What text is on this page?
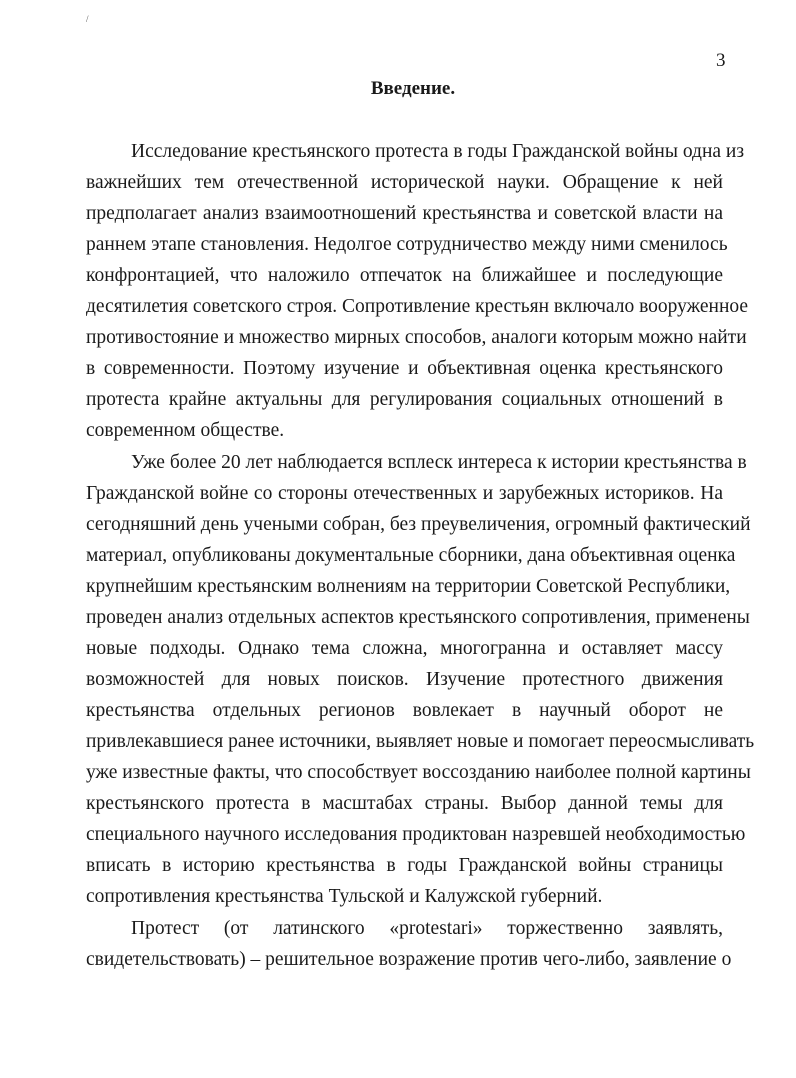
/
3
Введение.
Исследование крестьянского протеста в годы Гражданской войны одна из
важнейших тем отечественной исторической науки. Обращение к ней
предполагает анализ взаимоотношений крестьянства и советской власти на
раннем этапе становления. Недолгое сотрудничество между ними сменилось
конфронтацией, что наложило отпечаток на ближайшее и последующие
десятилетия советского строя. Сопротивление крестьян включало вооруженное
противостояние и множество мирных способов, аналоги которым можно найти
в современности. Поэтому изучение и объективная оценка крестьянского
протеста крайне актуальны для регулирования социальных отношений в
современном обществе.
Уже более 20 лет наблюдается всплеск интереса к истории крестьянства в
Гражданской войне со стороны отечественных и зарубежных историков. На
сегодняшний день учеными собран, без преувеличения, огромный фактический
материал, опубликованы документальные сборники, дана объективная оценка
крупнейшим крестьянским волнениям на территории Советской Республики,
проведен анализ отдельных аспектов крестьянского сопротивления, применены
новые подходы. Однако тема сложна, многогранна и оставляет массу
возможностей для новых поисков. Изучение протестного движения
крестьянства отдельных регионов вовлекает в научный оборот не
привлекавшиеся ранее источники, выявляет новые и помогает переосмысливать
уже известные факты, что способствует воссозданию наиболее полной картины
крестьянского протеста в масштабах страны. Выбор данной темы для
специального научного исследования продиктован назревшей необходимостью
вписать в историю крестьянства в годы Гражданской войны страницы
сопротивления крестьянства Тульской и Калужской губерний.
Протест (от латинского «protestari» торжественно заявлять,
свидетельствовать) – решительное возражение против чего-либо, заявление о
